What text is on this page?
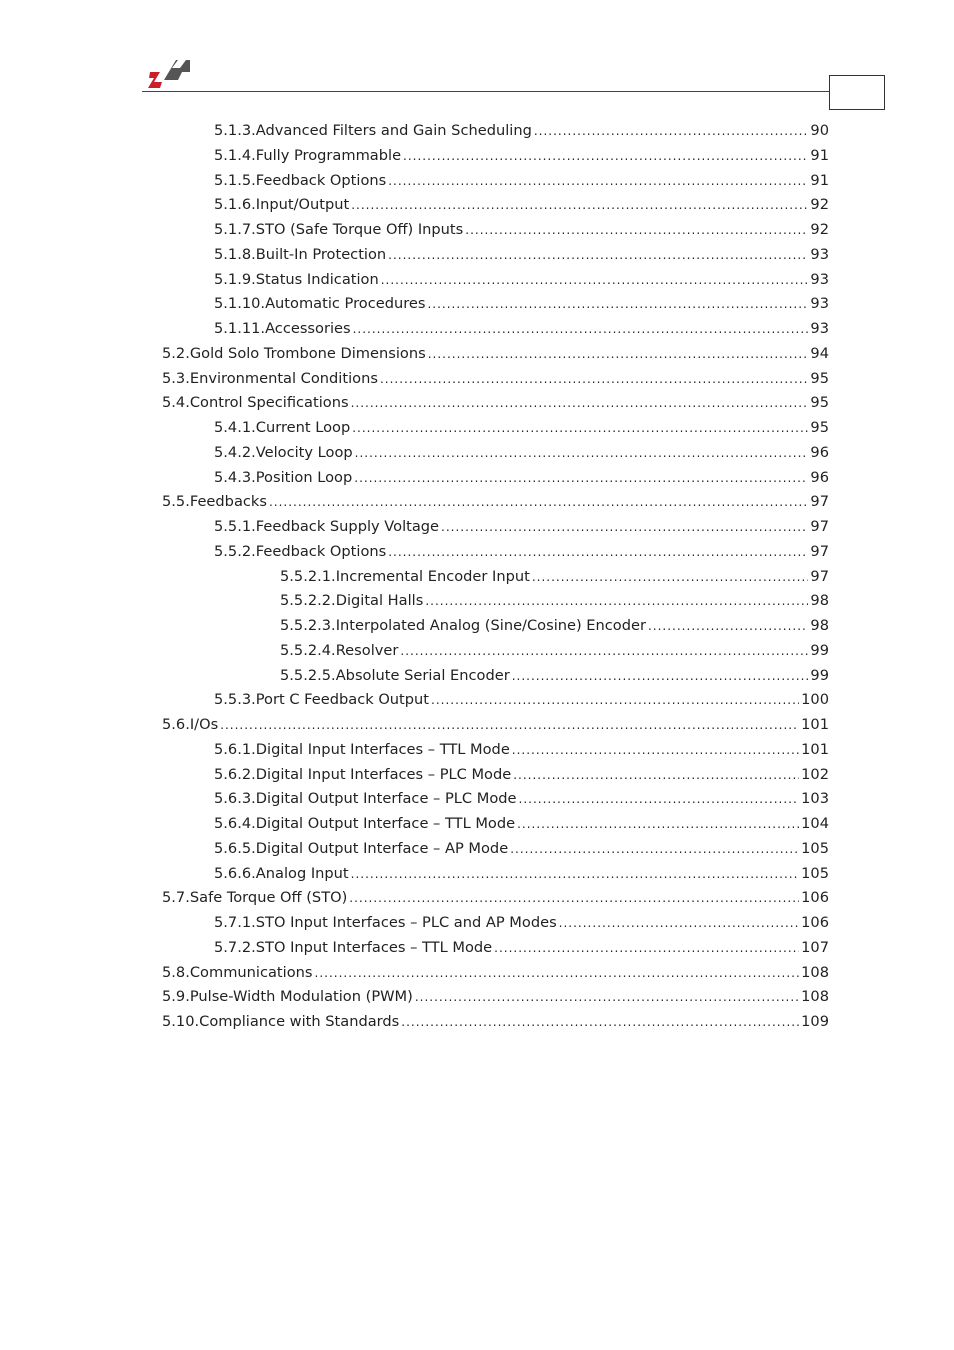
5.1.3. Advanced Filters and Gain Scheduling .....	90
5.1.4. Fully Programmable .....	91
5.1.5. Feedback Options .....	91
5.1.6. Input/Output .....	92
5.1.7. STO (Safe Torque Off) Inputs .....	92
5.1.8. Built-In Protection .....	93
5.1.9. Status Indication .....	93
5.1.10. Automatic Procedures .....	93
5.1.11. Accessories .....	93
5.2. Gold Solo Trombone Dimensions .....	94
5.3. Environmental Conditions .....	95
5.4. Control Specifications .....	95
5.4.1. Current Loop .....	95
5.4.2. Velocity Loop .....	96
5.4.3. Position Loop .....	96
5.5. Feedbacks .....	97
5.5.1. Feedback Supply Voltage .....	97
5.5.2. Feedback Options .....	97
5.5.2.1. Incremental Encoder Input .....	97
5.5.2.2. Digital Halls .....	98
5.5.2.3. Interpolated Analog (Sine/Cosine) Encoder .....	98
5.5.2.4. Resolver .....	99
5.5.2.5. Absolute Serial Encoder .....	99
5.5.3. Port C Feedback Output .....	100
5.6. I/Os .....	101
5.6.1. Digital Input Interfaces – TTL Mode .....	101
5.6.2. Digital Input Interfaces – PLC Mode .....	102
5.6.3. Digital Output Interface – PLC Mode .....	103
5.6.4. Digital Output Interface – TTL Mode .....	104
5.6.5. Digital Output Interface – AP Mode .....	105
5.6.6. Analog Input .....	105
5.7. Safe Torque Off (STO) .....	106
5.7.1. STO Input Interfaces – PLC and AP Modes .....	106
5.7.2. STO Input Interfaces – TTL Mode .....	107
5.8. Communications .....	108
5.9. Pulse-Width Modulation (PWM) .....	108
5.10. Compliance with Standards .....	109
